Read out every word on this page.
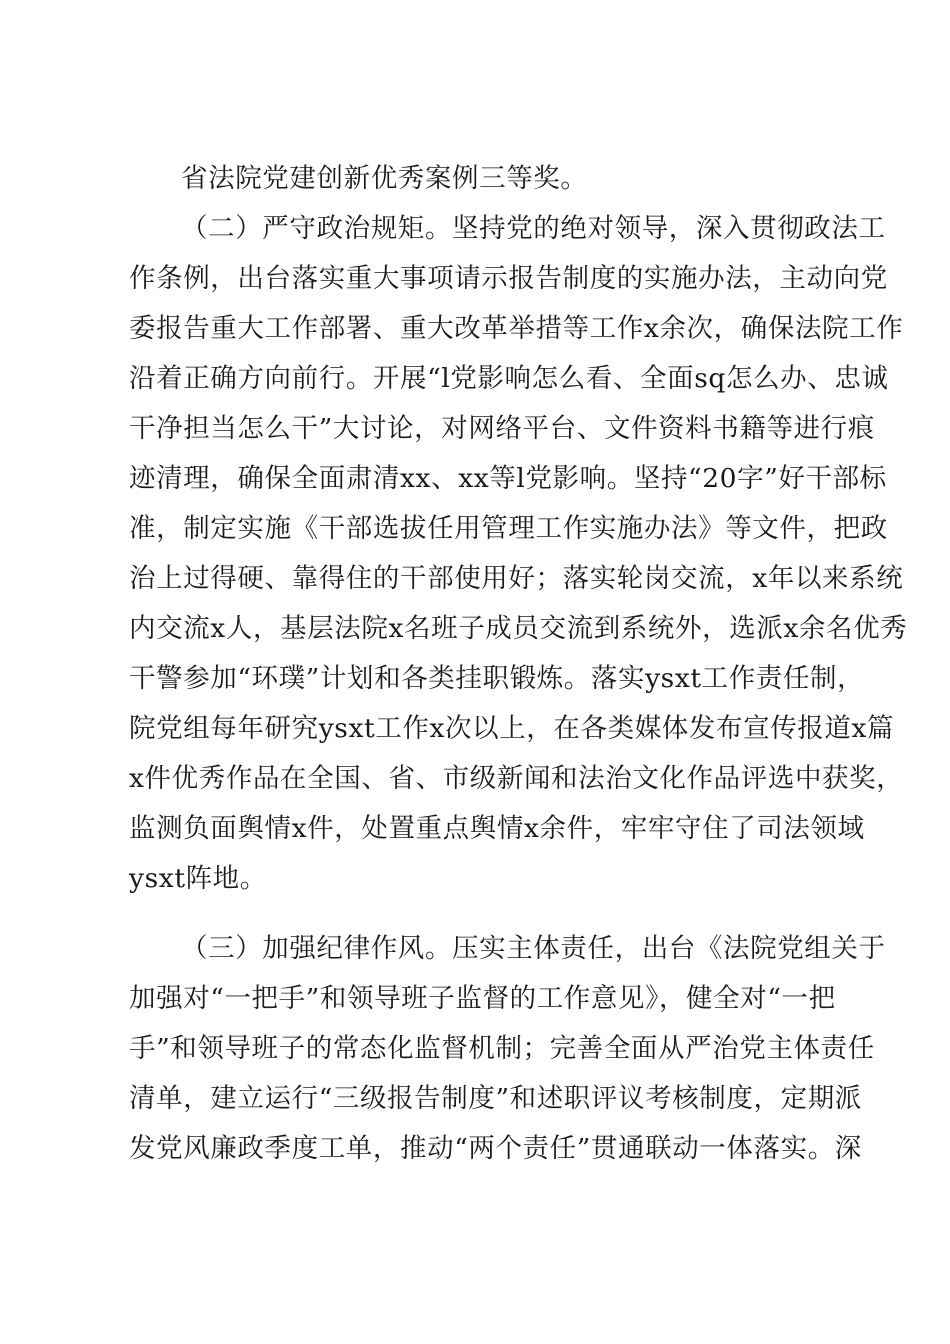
省法院党建创新优秀案例三等奖。
（二）严守政治规矩。坚持党的绝对领导，深入贯彻政法工
作条例，出台落实重大事项请示报告制度的实施办法，主动向党
委报告重大工作部署、重大改革举措等工作x余次，确保法院工作
沿着正确方向前行。开展“l党影响怎么看、全面sq怎么办、忠诚
干净担当怎么干”大讨论，对网络平台、文件资料书籍等进行痕
迹清理，确保全面肃清xx、xx等l党影响。坚持“20字”好干部标
准，制定实施《干部选拔任用管理工作实施办法》等文件，把政
治上过得硬、靠得住的干部使用好；落实轮岗交流，x年以来系统
内交流x人，基层法院x名班子成员交流到系统外，选派x余名优秀
干警参加“环璞”计划和各类挂职锻炼。落实ysxt工作责任制，
院党组每年研究ysxt工作x次以上，在各类媒体发布宣传报道x篇
x件优秀作品在全国、省、市级新闻和法治文化作品评选中获奖，
监测负面舆情x件，处置重点舆情x余件，牢牢守住了司法领域
ysxt阵地。
（三）加强纪律作风。压实主体责任，出台《法院党组关于
加强对“一把手”和领导班子监督的工作意见》，健全对“一把
手”和领导班子的常态化监督机制；完善全面从严治党主体责任
清单，建立运行“三级报告制度”和述职评议考核制度，定期派
发党风廉政季度工单，推动“两个责任”贯通联动一体落实。深
